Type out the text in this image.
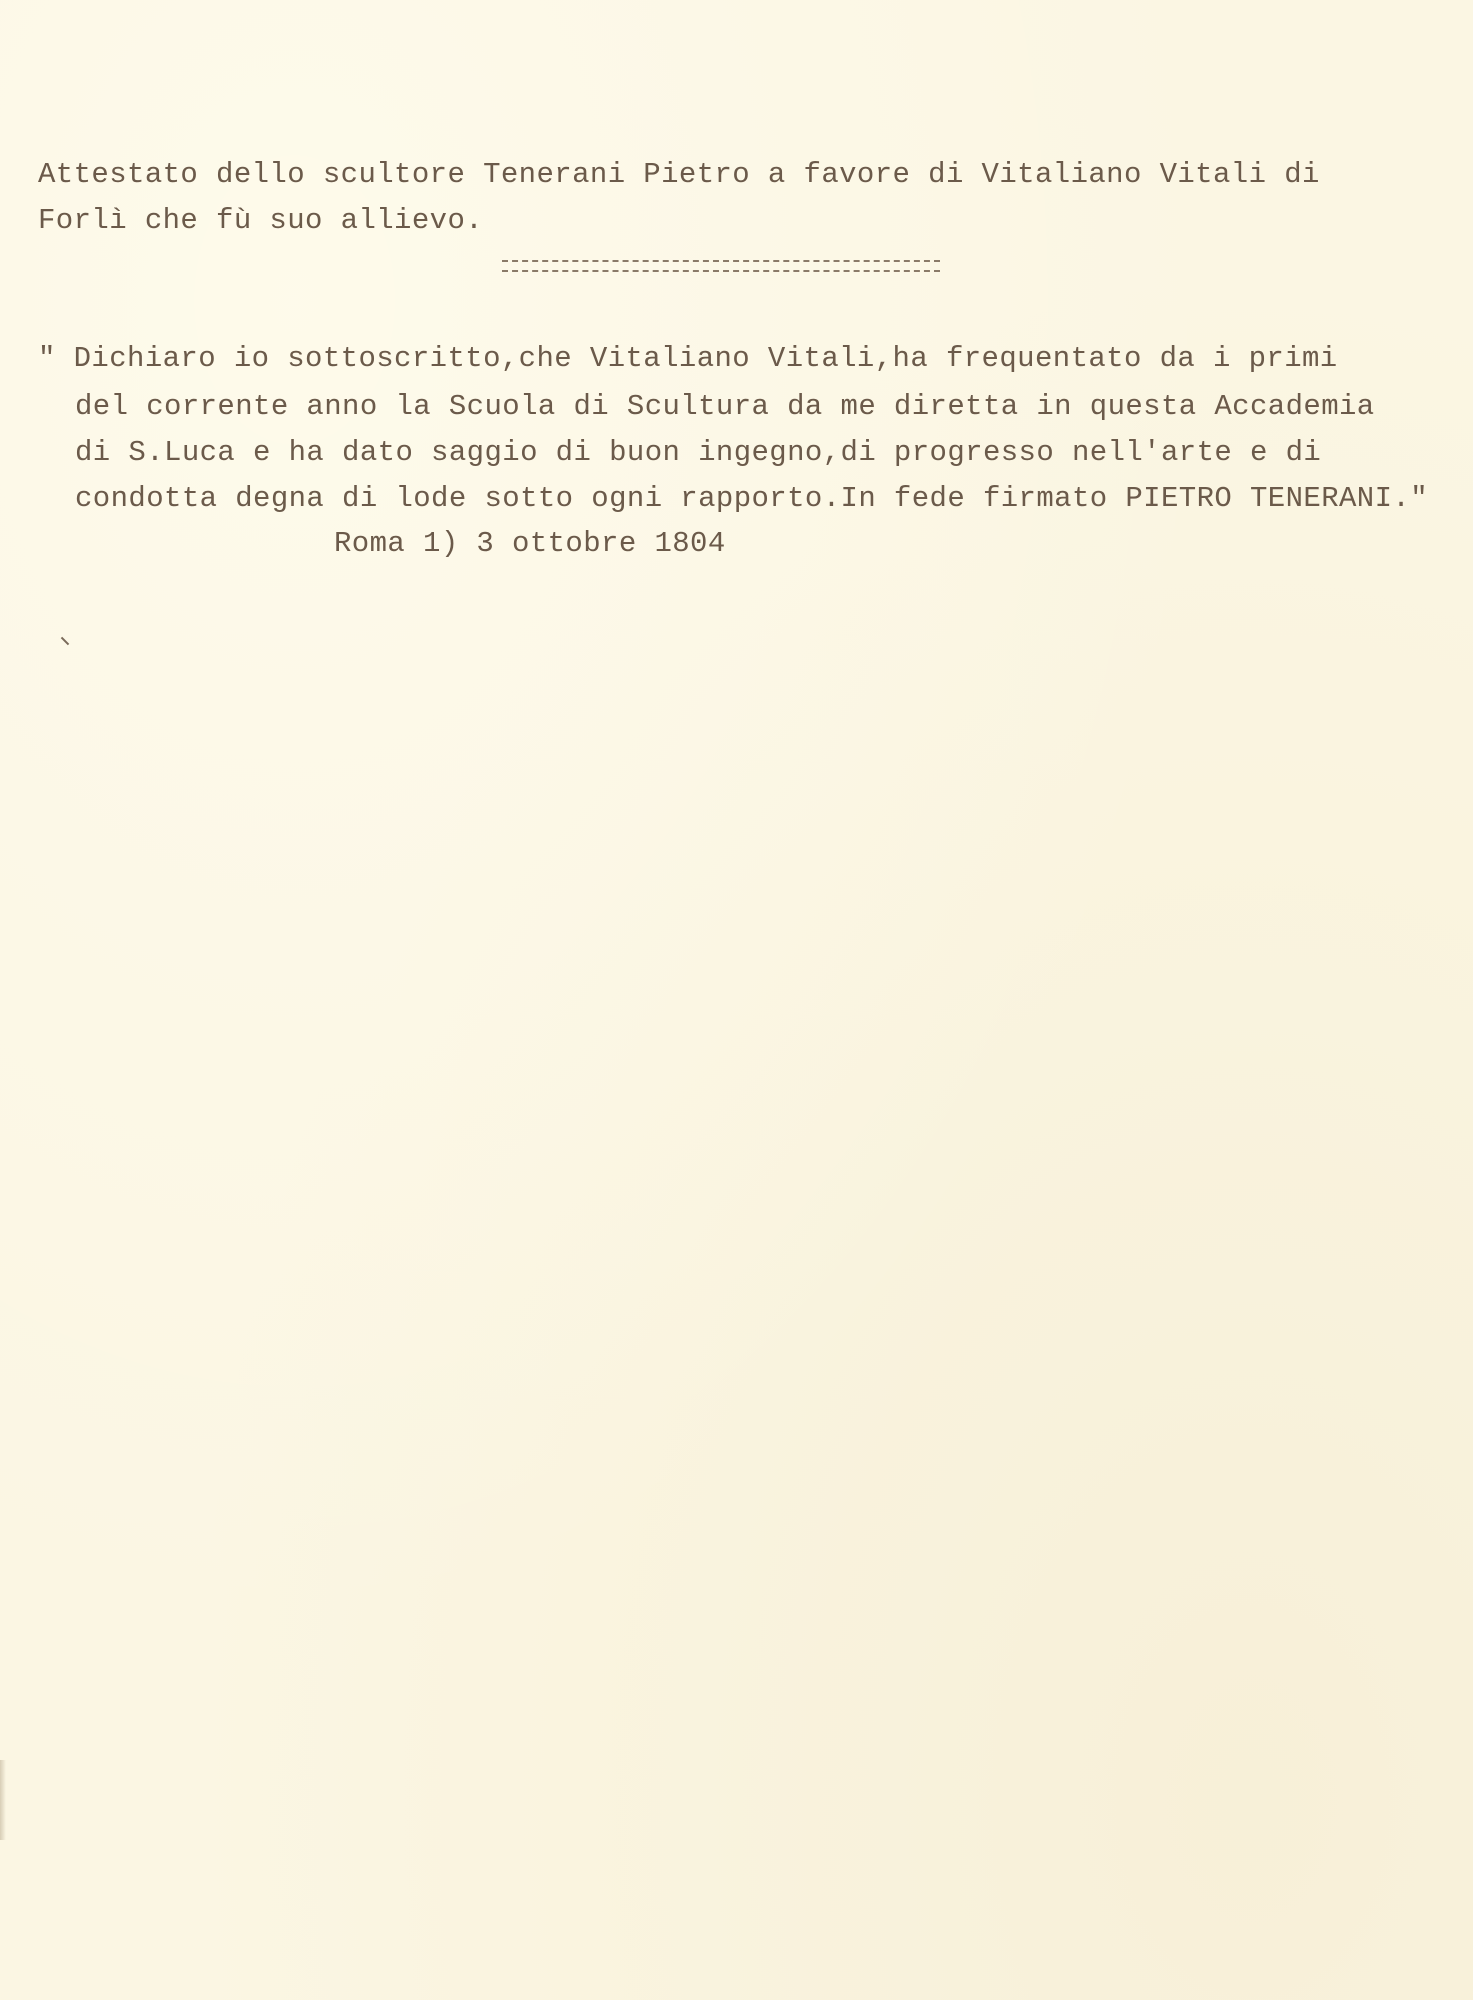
Attestato dello scultore Tenerani Pietro a favore di Vitaliano Vitali di

Forlì che fù suo allievo.

" Dichiaro io sottoscritto,che Vitaliano Vitali,ha frequentato da i primi

del corrente anno la Scuola di Scultura da me diretta in questa Accademia

di S.Luca e ha dato saggio di buon ingegno,di progresso nell'arte e di

condotta degna di lode sotto ogni rapporto.In fede firmato PIETRO TENERANI."

Roma 1) 3 ottobre 1804
